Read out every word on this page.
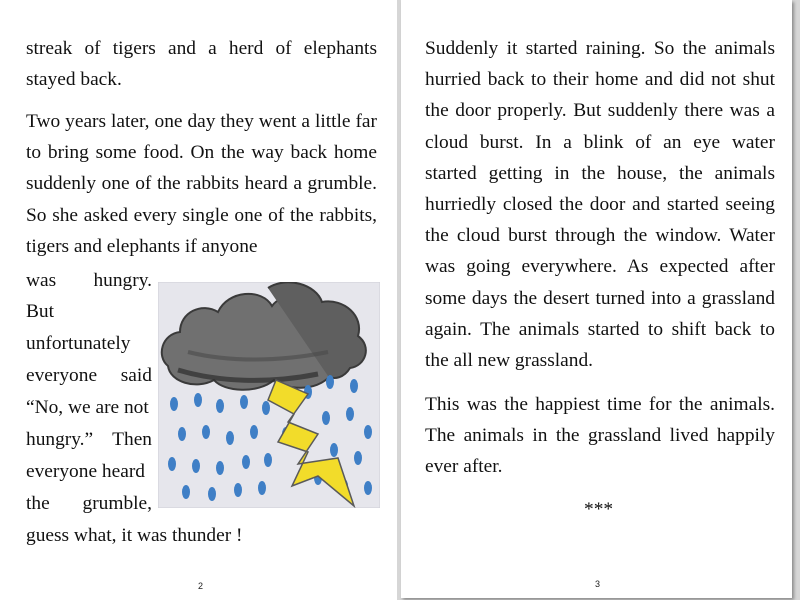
streak of tigers and a herd of elephants stayed back.

Two years later, one day they went a little far to bring some food. On the way back home suddenly one of the rabbits heard a grumble. So she asked every single one of the rabbits, tigers and elephants if anyone

was hungry.
But
unfortunately
everyone said
“No, we are not
hungry.” Then
everyone heard
the grumble,
guess what, it was thunder !
2

Suddenly it started raining. So the animals hurried back to their home and did not shut the door properly. But suddenly there was a cloud burst. In a blink of an eye water started getting in the house, the animals hurriedly closed the door and started seeing the cloud burst through the window. Water was going everywhere. As expected after some days the desert turned into a grassland again. The animals started to shift back to the all new grassland.

This was the happiest time for the animals. The animals in the grassland lived happily ever after.

***
3
